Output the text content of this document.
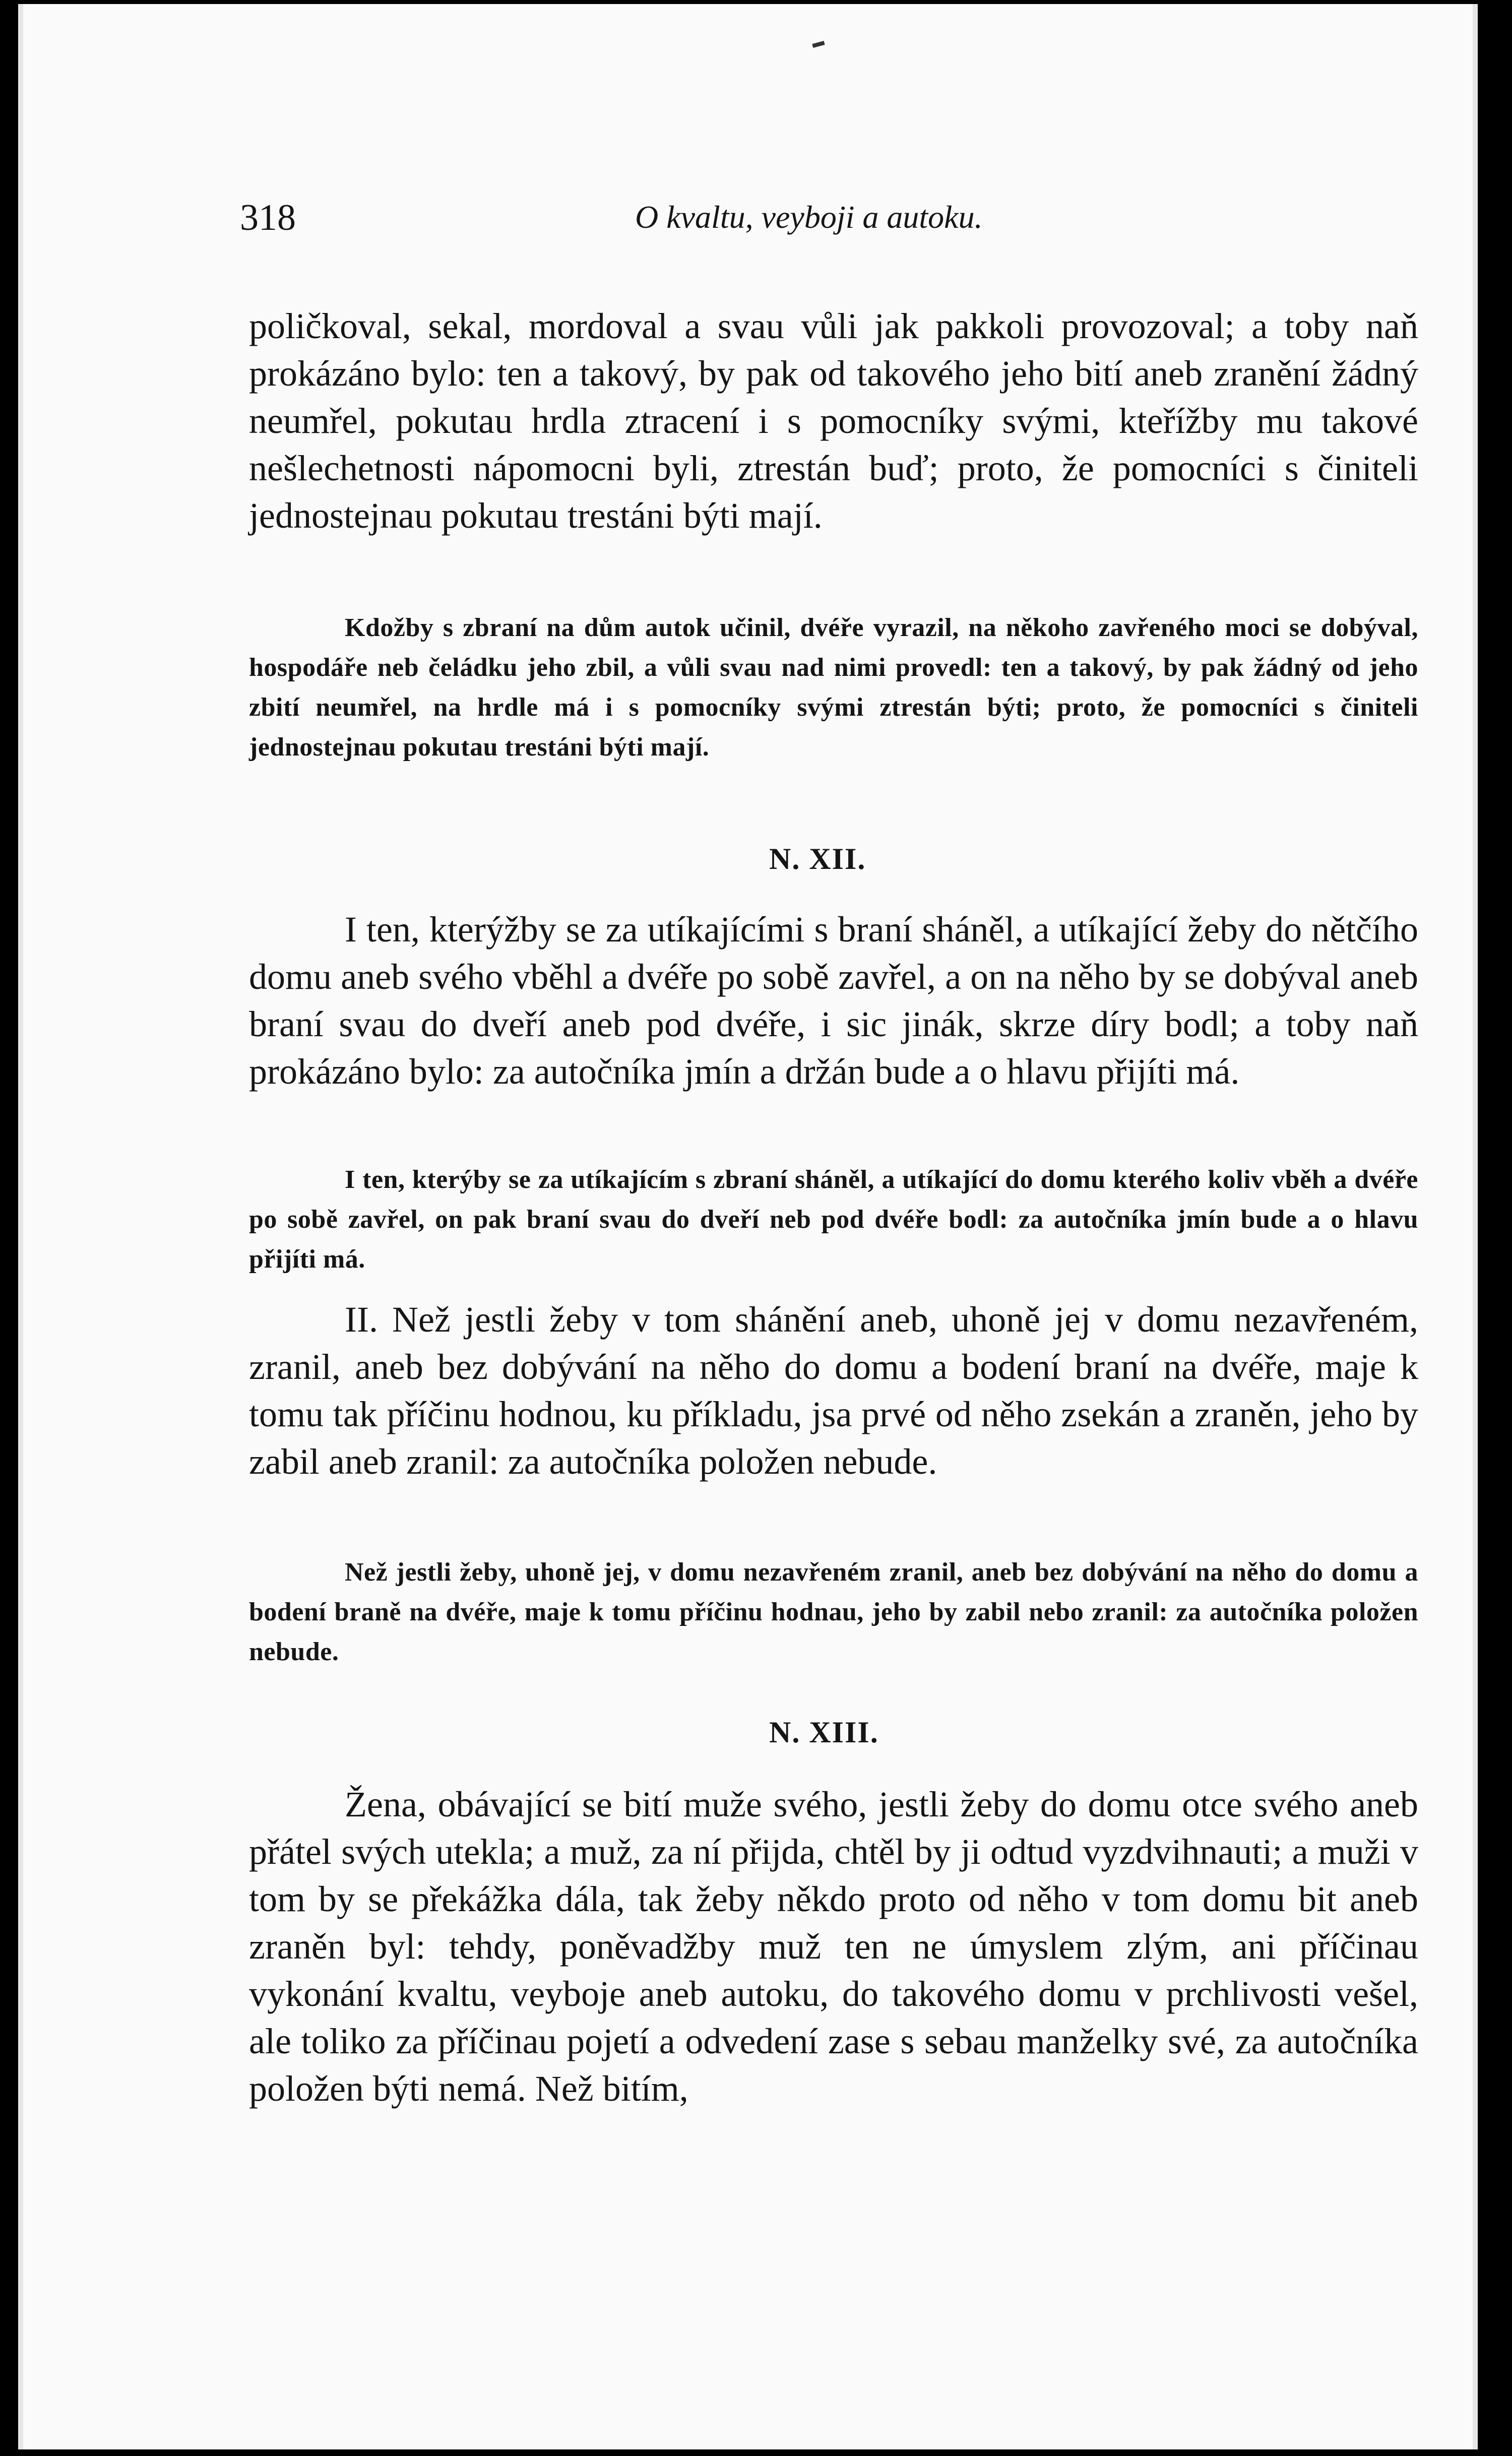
318	O kvaltu, veyboji a autoku.

poličkoval, sekal, mordoval a svau vůli jak pakkoli provozoval; a toby naň prokázáno bylo: ten a takový, by pak od takového jeho bití aneb zranění žádný neumřel, pokutau hrdla ztracení i s pomocníky svými, kteřížby mu takové nešlechetnosti nápomocni byli, ztrestán buď; proto, že pomocníci s činiteli jednostejnau pokutau trestáni býti mají.

Kdožby s zbraní na dům autok učinil, dvéře vyrazil, na někoho zavřeného moci se dobýval, hospodáře neb čeládku jeho zbil, a vůli svau nad nimi provedl: ten a takový, by pak žádný od jeho zbití neumřel, na hrdle má i s pomocníky svými ztrestán býti; proto, že pomocníci s činiteli jednostejnau pokutau trestáni býti mají.

N. XII.

I ten, kterýžby se za utíkajícími s braní sháněl, a utíkající žeby do nětčího domu aneb svého vběhl a dvéře po sobě zavřel, a on na něho by se dobýval aneb braní svau do dveří aneb pod dvéře, i sic jinák, skrze díry bodl; a toby naň prokázáno bylo: za autočníka jmín a držán bude a o hlavu přijíti má.

I ten, kterýby se za utíkajícím s zbraní sháněl, a utíkající do domu kterého koliv vběh a dvéře po sobě zavřel, on pak braní svau do dveří neb pod dvéře bodl: za autočníka jmín bude a o hlavu přijíti má.

II. Než jestli žeby v tom shánění aneb, uhoně jej v domu nezavřeném, zranil, aneb bez dobývání na něho do domu a bodení braní na dvéře, maje k tomu tak příčinu hodnou, ku příkladu, jsa prvé od něho zsekán a zraněn, jeho by zabil aneb zranil: za autočníka položen nebude.

Než jestli žeby, uhoně jej, v domu nezavřeném zranil, aneb bez dobývání na něho do domu a bodení braně na dvéře, maje k tomu příčinu hodnau, jeho by zabil nebo zranil: za autočníka položen nebude.

N. XIII.

Žena, obávající se bití muže svého, jestli žeby do domu otce svého aneb přátel svých utekla; a muž, za ní přijda, chtěl by ji odtud vyzdvihnauti; a muži v tom by se překážka dála, tak žeby někdo proto od něho v tom domu bit aneb zraněn byl: tehdy, poněvadžby muž ten ne úmyslem zlým, ani příčinau vykonání kvaltu, veyboje aneb autoku, do takového domu v prchlivosti vešel, ale toliko za příčinau pojetí a odvedení zase s sebau manželky své, za autočníka položen býti nemá. Než bitím,
